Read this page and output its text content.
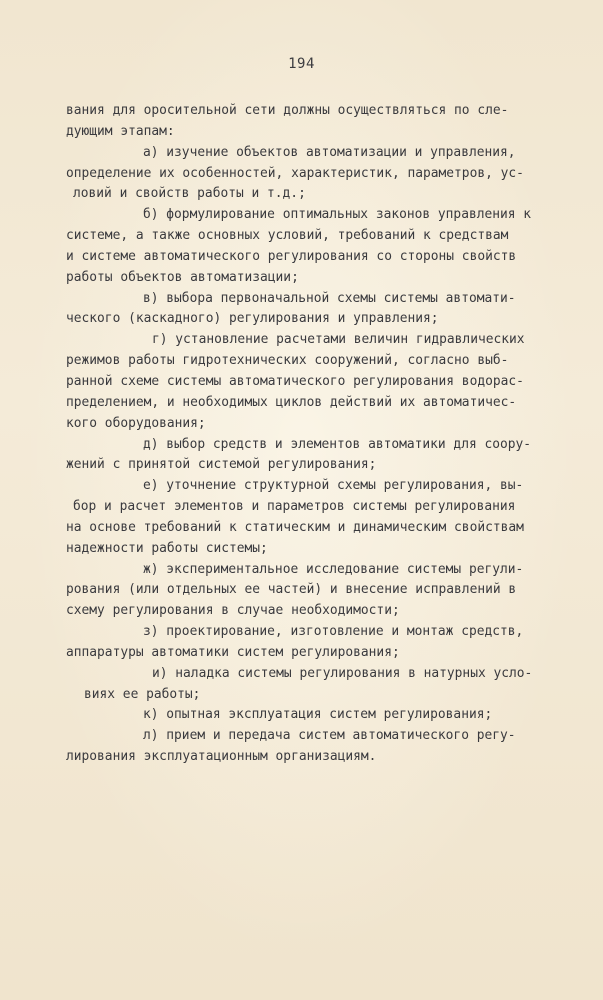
194
вания для оросительной сети должны осуществляться по сле-
дующим этапам:
а) изучение объектов автоматизации и управления,
определение их особенностей, характеристик, параметров, ус-
ловий и свойств работы и т.д.;
б) формулирование оптимальных законов управления к
системе, а также основных условий, требований к средствам
и системе автоматического регулирования со стороны свойств
работы объектов автоматизации;
в) выбора первоначальной схемы системы автомати-
ческого (каскадного) регулирования и управления;
г) установление расчетами величин гидравлических
режимов работы гидротехнических сооружений, согласно выб-
ранной схеме системы автоматического регулирования водорас-
пределением, и необходимых циклов действий их автоматичес-
кого оборудования;
д) выбор средств и элементов автоматики для соору-
жений с принятой системой регулирования;
е) уточнение структурной схемы регулирования, вы-
бор и расчет элементов и параметров системы регулирования
на основе требований к статическим и динамическим свойствам
надежности работы системы;
ж) экспериментальное исследование системы регули-
рования (или отдельных ее частей) и внесение исправлений в
схему регулирования в случае необходимости;
з) проектирование, изготовление и монтаж средств,
аппаратуры автоматики систем регулирования;
и) наладка системы регулирования в натурных усло-
виях ее работы;
к) опытная эксплуатация систем регулирования;
л) прием и передача систем автоматического регу-
лирования эксплуатационным организациям.
